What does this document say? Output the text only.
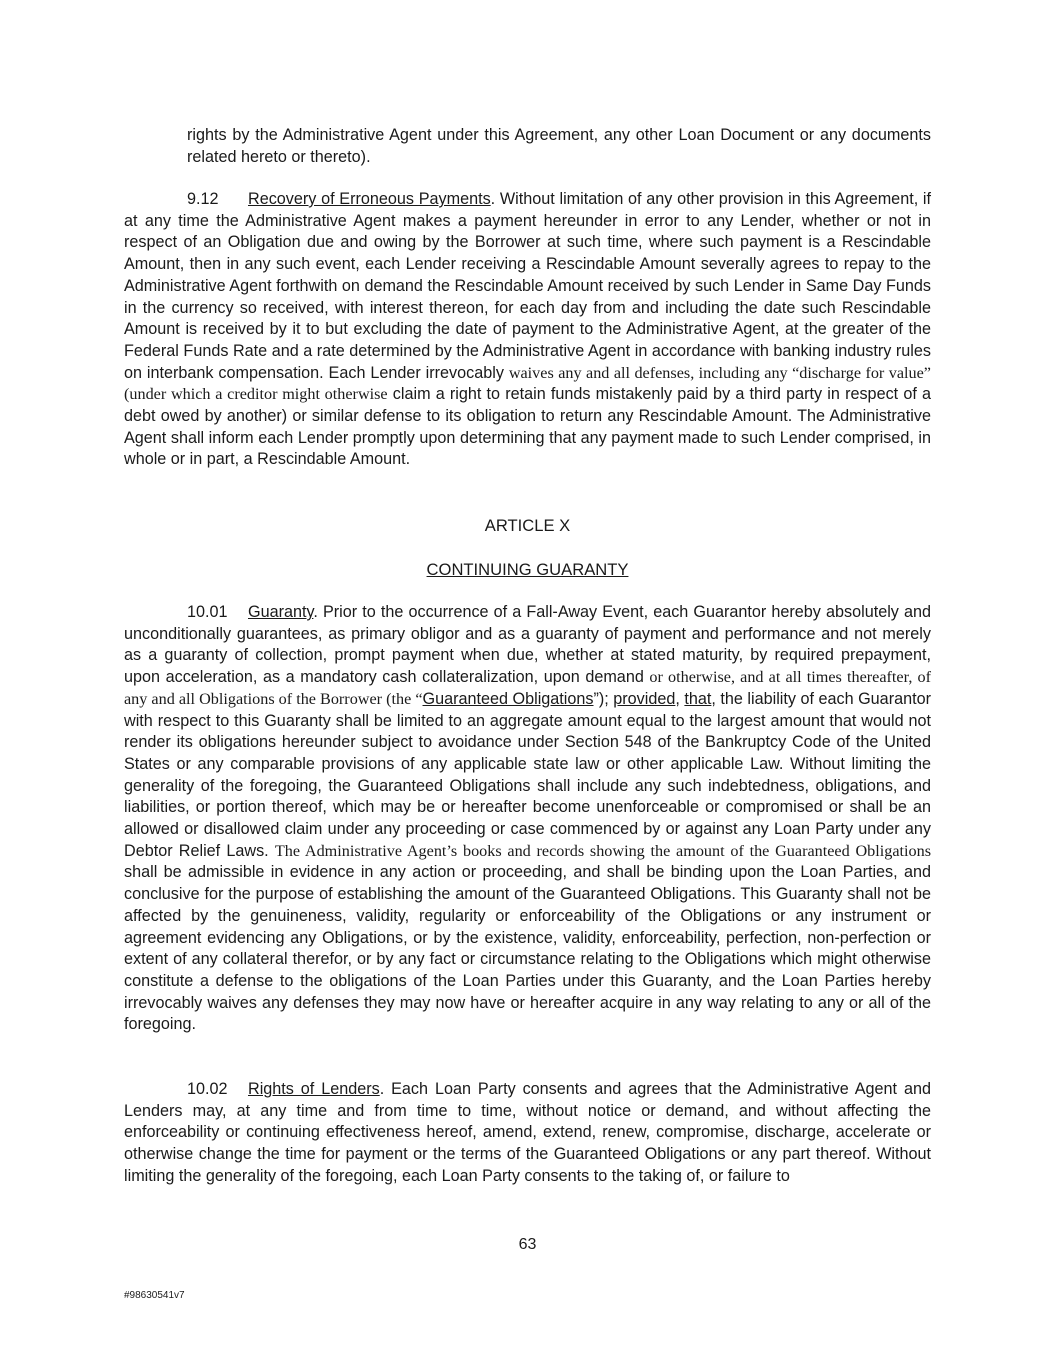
rights by the Administrative Agent under this Agreement, any other Loan Document or any documents related hereto or thereto).
9.12 Recovery of Erroneous Payments. Without limitation of any other provision in this Agreement, if at any time the Administrative Agent makes a payment hereunder in error to any Lender, whether or not in respect of an Obligation due and owing by the Borrower at such time, where such payment is a Rescindable Amount, then in any such event, each Lender receiving a Rescindable Amount severally agrees to repay to the Administrative Agent forthwith on demand the Rescindable Amount received by such Lender in Same Day Funds in the currency so received, with interest thereon, for each day from and including the date such Rescindable Amount is received by it to but excluding the date of payment to the Administrative Agent, at the greater of the Federal Funds Rate and a rate determined by the Administrative Agent in accordance with banking industry rules on interbank compensation. Each Lender irrevocably waives any and all defenses, including any “discharge for value” (under which a creditor might otherwise claim a right to retain funds mistakenly paid by a third party in respect of a debt owed by another) or similar defense to its obligation to return any Rescindable Amount. The Administrative Agent shall inform each Lender promptly upon determining that any payment made to such Lender comprised, in whole or in part, a Rescindable Amount.
ARTICLE X
CONTINUING GUARANTY
10.01 Guaranty. Prior to the occurrence of a Fall-Away Event, each Guarantor hereby absolutely and unconditionally guarantees, as primary obligor and as a guaranty of payment and performance and not merely as a guaranty of collection, prompt payment when due, whether at stated maturity, by required prepayment, upon acceleration, as a mandatory cash collateralization, upon demand or otherwise, and at all times thereafter, of any and all Obligations of the Borrower (the “Guaranteed Obligations”); provided, that, the liability of each Guarantor with respect to this Guaranty shall be limited to an aggregate amount equal to the largest amount that would not render its obligations hereunder subject to avoidance under Section 548 of the Bankruptcy Code of the United States or any comparable provisions of any applicable state law or other applicable Law. Without limiting the generality of the foregoing, the Guaranteed Obligations shall include any such indebtedness, obligations, and liabilities, or portion thereof, which may be or hereafter become unenforceable or compromised or shall be an allowed or disallowed claim under any proceeding or case commenced by or against any Loan Party under any Debtor Relief Laws. The Administrative Agent’s books and records showing the amount of the Guaranteed Obligations shall be admissible in evidence in any action or proceeding, and shall be binding upon the Loan Parties, and conclusive for the purpose of establishing the amount of the Guaranteed Obligations. This Guaranty shall not be affected by the genuineness, validity, regularity or enforceability of the Obligations or any instrument or agreement evidencing any Obligations, or by the existence, validity, enforceability, perfection, non-perfection or extent of any collateral therefor, or by any fact or circumstance relating to the Obligations which might otherwise constitute a defense to the obligations of the Loan Parties under this Guaranty, and the Loan Parties hereby irrevocably waives any defenses they may now have or hereafter acquire in any way relating to any or all of the foregoing.
10.02 Rights of Lenders. Each Loan Party consents and agrees that the Administrative Agent and Lenders may, at any time and from time to time, without notice or demand, and without affecting the enforceability or continuing effectiveness hereof, amend, extend, renew, compromise, discharge, accelerate or otherwise change the time for payment or the terms of the Guaranteed Obligations or any part thereof. Without limiting the generality of the foregoing, each Loan Party consents to the taking of, or failure to
63
#98630541v7
